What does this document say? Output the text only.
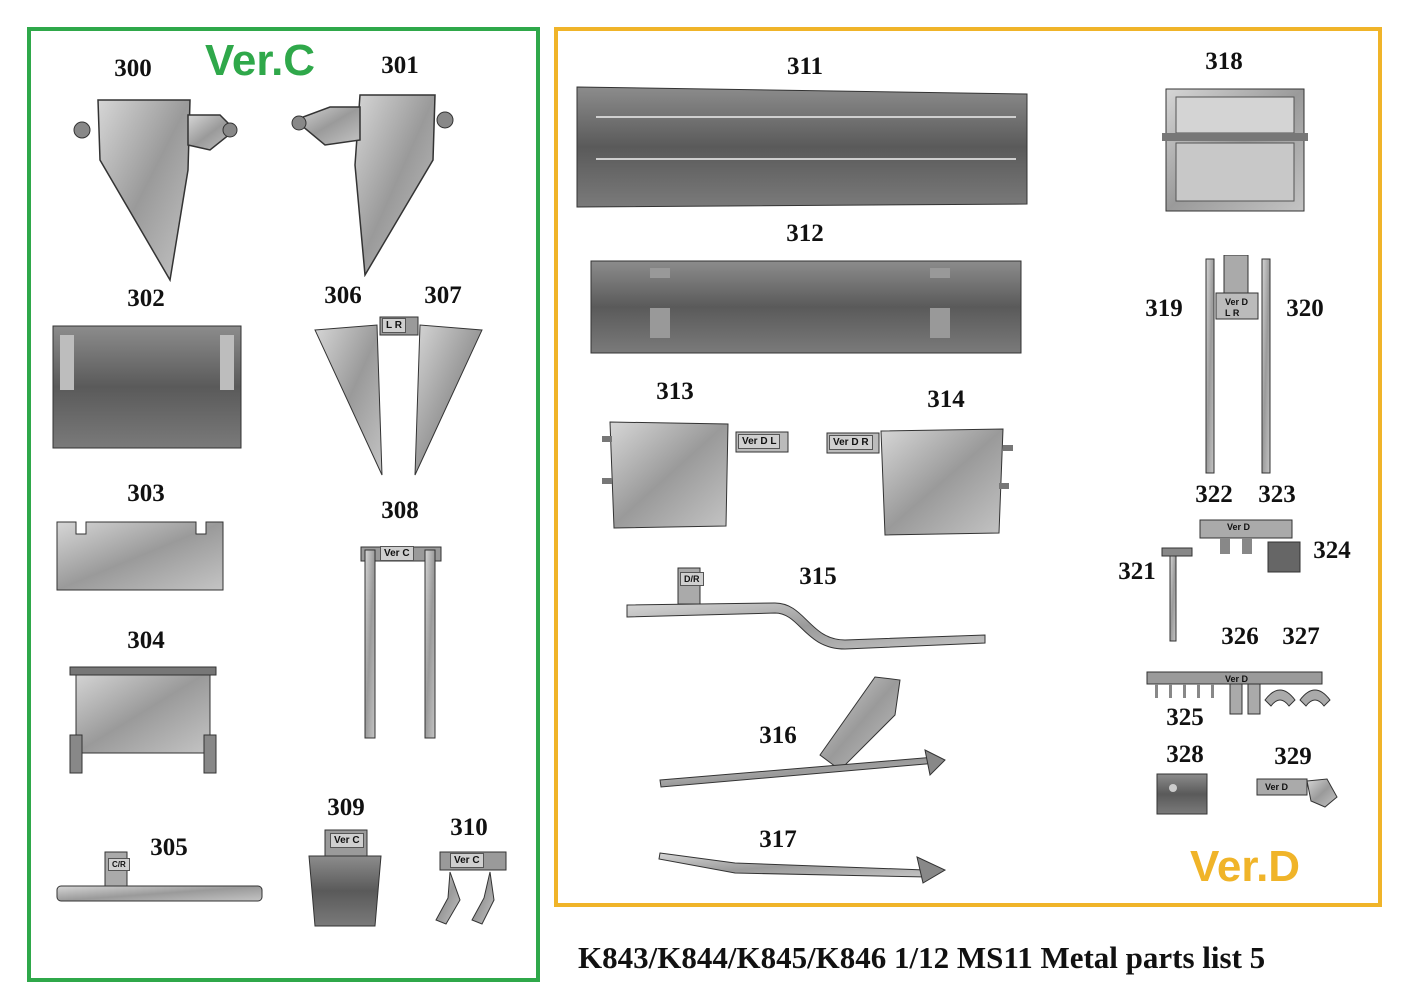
Ver.C
Ver.D
L R
Ver C
C/R
Ver C
Ver C
300	301
302	306	307
303
308
304
305
309
310
Ver D L	Ver D R
D/R
Ver D
L R
Ver D
Ver D
Ver D
311
312
313	314
315
316
317
318
319	320
322 323
321
324
326 327
325
328	329
K843/K844/K845/K846 1/12 MS11 Metal parts list 5
